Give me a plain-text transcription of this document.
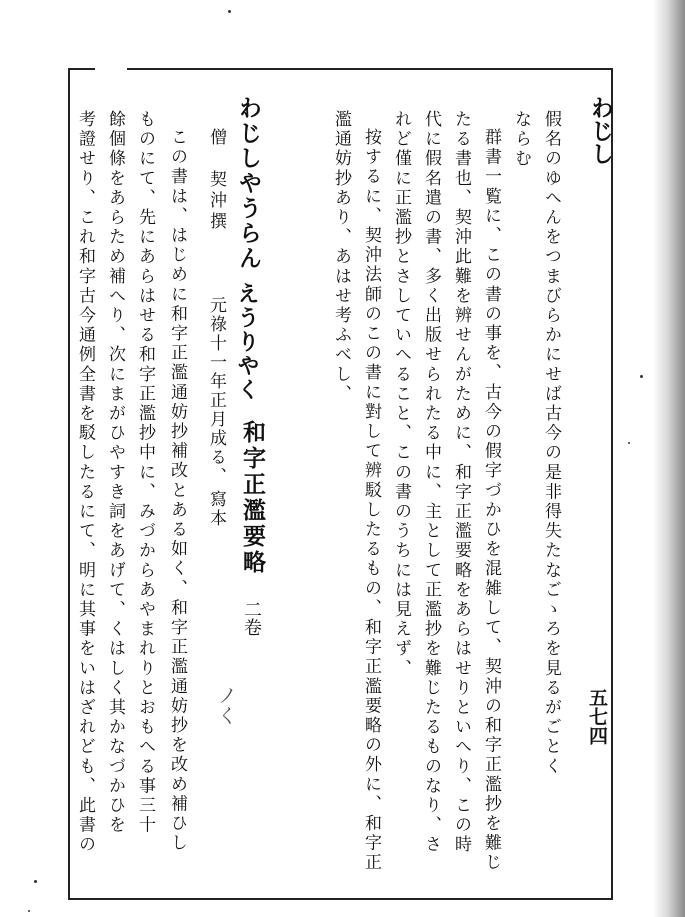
わじし
五七四
假名のゆへんをつまびらかにせば古今の是非得失たなごゝろを見るがごとく
ならむ
群書一覧に、この書の事を、古今の假字づかひを混雑して、契沖の和字正濫抄を難じ
たる書也、契沖此難を辨せんがために、和字正濫要略をあらはせりといへり、この時
代に假名遣の書、多く出版せられたる中に、主として正濫抄を難じたるものなり、さ
れど僅に正濫抄とさしていへること、この書のうちには見えず、
按するに、契沖法師のこの書に對して辨駁したるもの、和字正濫要略の外に、和字正
濫通妨抄あり、あはせ考ふべし、
わじしやうらん
えうりやく
和字正濫要略
二卷
僧　契沖撰
元祿十一年正月成る、
寫本
ノく
この書は、はじめに和字正濫通妨抄補改とある如く、和字正濫通妨抄を改め補ひし
ものにて、先にあらはせる和字正濫抄中に、みづからあやまれりとおもへる事三十
餘個條をあらため補へり、次にまがひやすき詞をあげて、くはしく其かなづかひを
考證せり、これ和字古今通例全書を駁したるにて、明に其事をいはざれども、此書の
